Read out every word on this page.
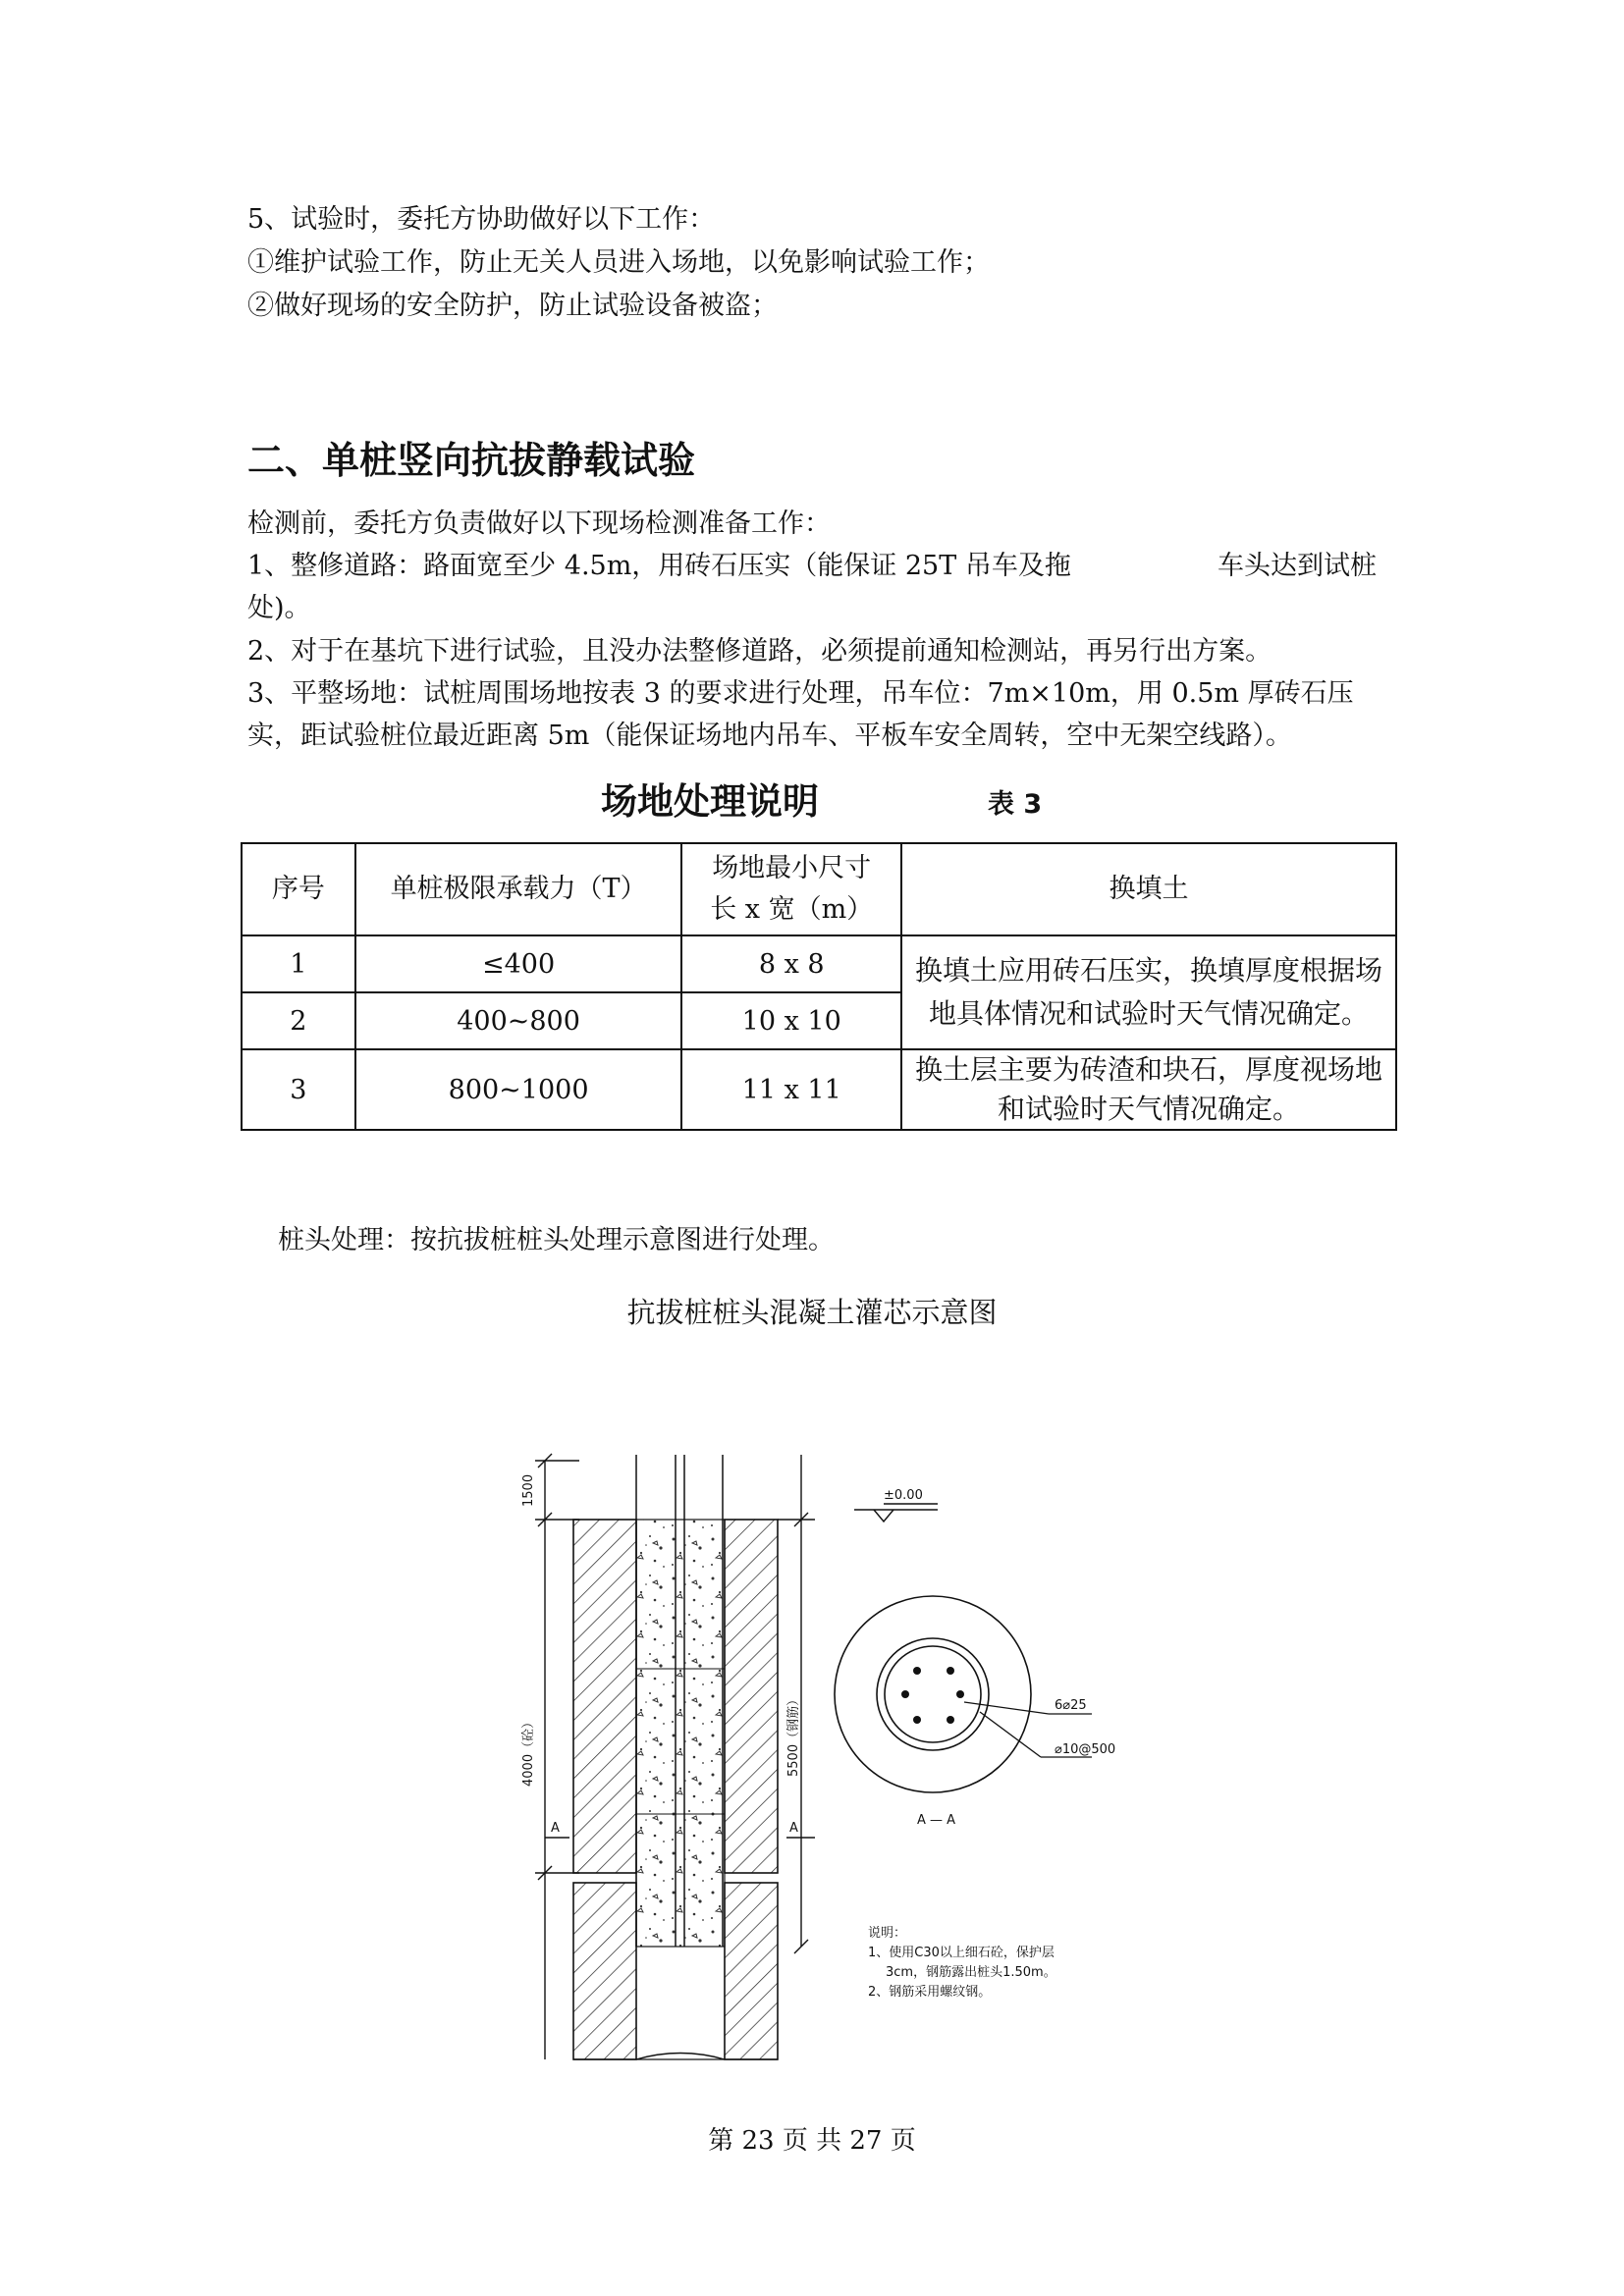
5、试验时，委托方协助做好以下工作：
①维护试验工作，防止无关人员进入场地，以免影响试验工作；
②做好现场的安全防护，防止试验设备被盗；
二、单桩竖向抗拔静载试验
检测前，委托方负责做好以下现场检测准备工作：
1、整修道路：路面宽至少 4.5m，用砖石压实（能保证 25T 吊车及拖	车头达到试桩
处)。
2、对于在基坑下进行试验，且没办法整修道路，必须提前通知检测站，再另行出方案。
3、平整场地：试桩周围场地按表 3 的要求进行处理，吊车位：7m×10m，用 0.5m 厚砖石压
实，距试验桩位最近距离 5m（能保证场地内吊车、平板车安全周转，空中无架空线路）。
场地处理说明	表 3
序号	单桩极限承载力（T）	场地最小尺寸
长 x 宽（m）	换填土
1	≤400	8 x 8	换填土应用砖石压实，换填厚度根据场
地具体情况和试验时天气情况确定。

2	400~800	10 x 10	
3	800~1000	11 x 11	换土层主要为砖渣和块石，厚度视场地
和试验时天气情况确定。
桩头处理：按抗拔桩桩头处理示意图进行处理。
抗拔桩桩头混凝土灌芯示意图
1500
4000（砼）
A
5500（钢筋）
A
±0.00
6⌀25
⌀10@500
A — A
说明：
1、使用C30以上细石砼，保护层
3cm，钢筋露出桩头1.50m。
2、钢筋采用螺纹钢。
第 23 页 共 27 页
